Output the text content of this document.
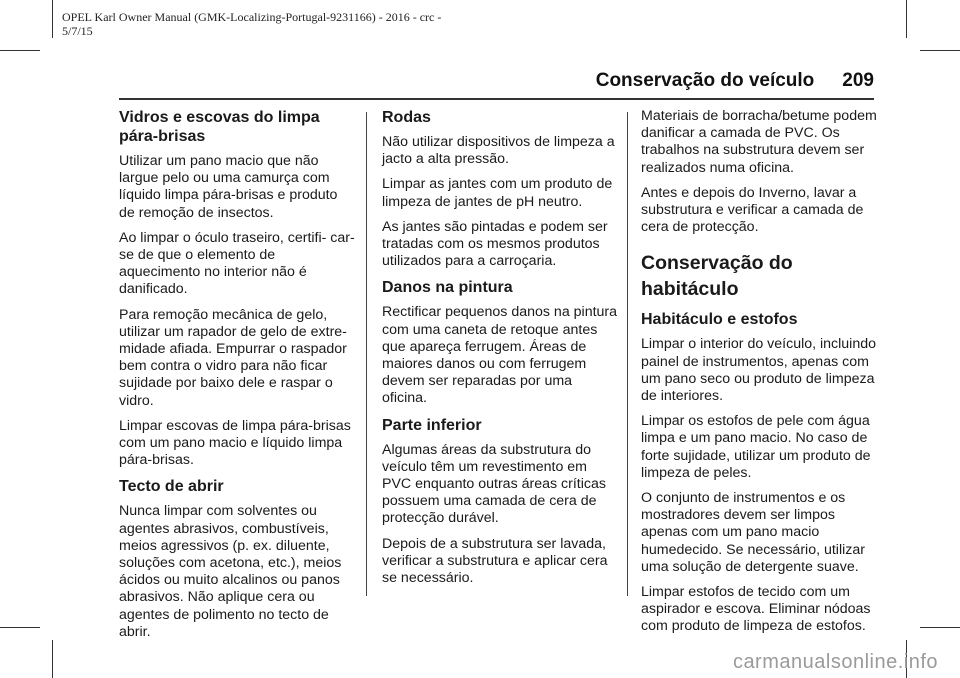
OPEL Karl Owner Manual (GMK-Localizing-Portugal-9231166) - 2016 - crc -
5/7/15
Conservação do veículo 209
Vidros e escovas do limpa pára-brisas

Utilizar um pano macio que não largue pelo ou uma camurça com líquido limpa pára-brisas e produto de remoção de insectos.

Ao limpar o óculo traseiro, certifi- car-se de que o elemento de aquecimento no interior não é danificado.

Para remoção mecânica de gelo, utilizar um rapador de gelo de extre- midade afiada. Empurrar o raspador bem contra o vidro para não ficar sujidade por baixo dele e raspar o vidro.

Limpar escovas de limpa pára-brisas com um pano macio e líquido limpa pára-brisas.

Tecto de abrir

Nunca limpar com solventes ou agentes abrasivos, combustíveis, meios agressivos (p. ex. diluente, soluções com acetona, etc.), meios ácidos ou muito alcalinos ou panos abrasivos. Não aplique cera ou agentes de polimento no tecto de abrir.

Rodas

Não utilizar dispositivos de limpeza a jacto a alta pressão.

Limpar as jantes com um produto de limpeza de jantes de pH neutro.

As jantes são pintadas e podem ser tratadas com os mesmos produtos utilizados para a carroçaria.

Danos na pintura

Rectificar pequenos danos na pintura com uma caneta de retoque antes que apareça ferrugem. Áreas de maiores danos ou com ferrugem devem ser reparadas por uma oficina.

Parte inferior

Algumas áreas da substrutura do veículo têm um revestimento em PVC enquanto outras áreas críticas possuem uma camada de cera de protecção durável.

Depois de a substrutura ser lavada, verificar a substrutura e aplicar cera se necessário.

Materiais de borracha/betume podem danificar a camada de PVC. Os trabalhos na substrutura devem ser realizados numa oficina.

Antes e depois do Inverno, lavar a substrutura e verificar a camada de cera de protecção.

Conservação do habitáculo
Habitáculo e estofos

Limpar o interior do veículo, incluindo painel de instrumentos, apenas com um pano seco ou produto de limpeza de interiores.

Limpar os estofos de pele com água limpa e um pano macio. No caso de forte sujidade, utilizar um produto de limpeza de peles.

O conjunto de instrumentos e os mostradores devem ser limpos apenas com um pano macio humedecido. Se necessário, utilizar uma solução de detergente suave.

Limpar estofos de tecido com um aspirador e escova. Eliminar nódoas com produto de limpeza de estofos.

carmanualsonline.info
